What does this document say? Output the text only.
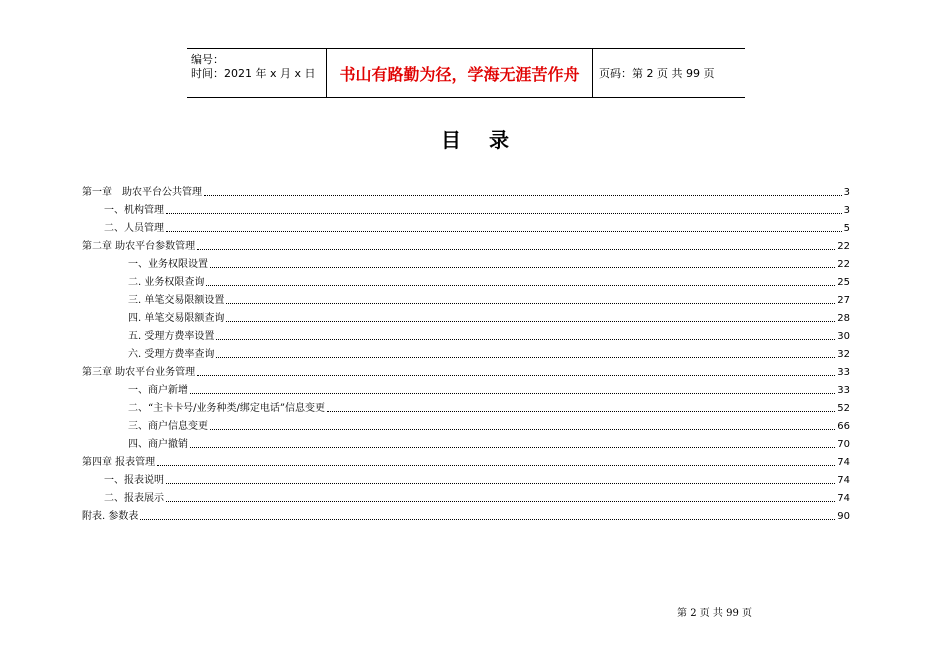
编号：
时间：2021 年 x 月 x 日	书山有路勤为径，学海无涯苦作舟	页码：第 2 页 共 99 页
目录
第一章　助农平台公共管理	3
一、机构管理	3
二、人员管理	5
第二章 助农平台参数管理	22
一、业务权限设置	22
二. 业务权限查询	25
三. 单笔交易限额设置	27
四. 单笔交易限额查询	28
五. 受理方费率设置	30
六. 受理方费率查询	32
第三章 助农平台业务管理	33
一、商户新增	33
二、“主卡卡号/业务种类/绑定电话”信息变更	52
三、商户信息变更	66
四、商户撤销	70
第四章 报表管理	74
一、报表说明	74
二、报表展示	74
附表. 参数表	90
第 2 页 共 99 页
